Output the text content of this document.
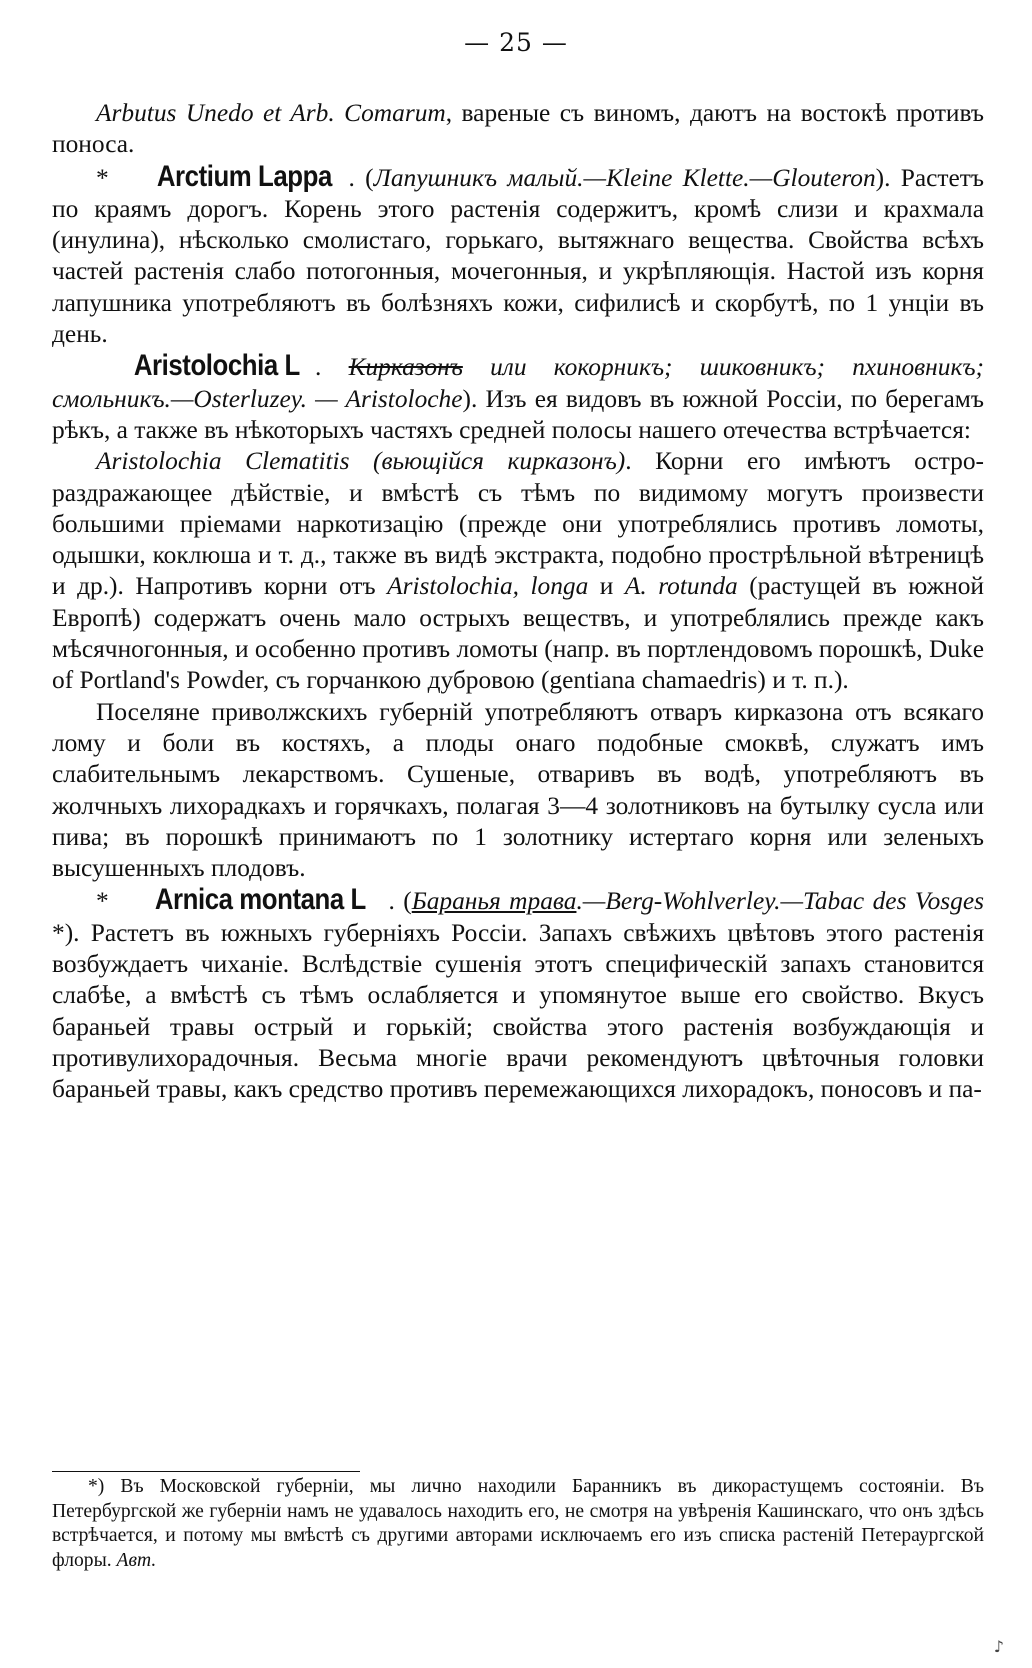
— 25 —

Arbutus Unedo et Arb. Comarum, вареные съ виномъ, даютъ на востокѣ противъ поноса.

* Arctium Lappa . (Лапушникъ малый.—Kleine Klette.—Glouteron). Растетъ по краямъ дорогъ. Корень этого растенія содержитъ, кромѣ слизи и крахмала (инулина), нѣсколько смолистаго, горькаго, вытяжнаго вещества. Свойства всѣхъ частей растенія слабо потогонныя, мочегонныя, и укрѣпляющія. Настой изъ корня лапушника употребляютъ въ болѣзняхъ кожи, сифилисѣ и скорбутѣ, по 1 унціи въ день.

Aristolochia L . Кирказонъ или кокорникъ; шиковникъ; пхиновникъ; смольникъ.—Osterluzey. — Aristoloche). Изъ ея видовъ въ южной Россіи, по берегамъ рѣкъ, а также въ нѣкоторыхъ частяхъ средней полосы нашего отечества встрѣчается:

Aristolochia Clematitis (вьющійся кирказонъ). Корни его имѣютъ остро-раздражающее дѣйствіе, и вмѣстѣ съ тѣмъ по видимому могутъ произвести большими пріемами наркотизацію (прежде они употреблялись противъ ломоты, одышки, коклюша и т. д., также въ видѣ экстракта, подобно прострѣльной вѣтреницѣ и др.). Напротивъ корни отъ Aristolochia, longa и A. rotunda (растущей въ южной Европѣ) содержатъ очень мало острыхъ веществъ, и употреблялись прежде какъ мѣсячногонныя, и особенно противъ ломоты (напр. въ портлендовомъ порошкѣ, Duke of Portland's Powder, съ горчанкою дубровою (gentiana chamaedris) и т. п.).

Поселяне приволжскихъ губерній употребляютъ отваръ кирказона отъ всякаго лому и боли въ костяхъ, а плоды онаго подобные смоквѣ, служатъ имъ слабительнымъ лекарствомъ. Сушеные, отваривъ въ водѣ, употребляютъ въ жолчныхъ лихорадкахъ и горячкахъ, полагая 3—4 золотниковъ на бутылку сусла или пива; въ порошкѣ принимаютъ по 1 золотнику истертаго корня или зеленыхъ высушенныхъ плодовъ.

* Arnica montana L . (Баранья трава.—Berg-Wohlverley.—Tabac des Vosges *). Растетъ въ южныхъ губерніяхъ Россіи. Запахъ свѣжихъ цвѣтовъ этого растенія возбуждаетъ чиханіе. Вслѣдствіе сушенія этотъ специфическій запахъ становится слабѣе, а вмѣстѣ съ тѣмъ ослабляется и упомянутое выше его свойство. Вкусъ бараньей травы острый и горькій; свойства этого растенія возбуждающія и противулихорадочныя. Весьма многіе врачи рекомендуютъ цвѣточныя головки бараньей травы, какъ средство противъ перемежающихся лихорадокъ, поносовъ и па-

*) Въ Московской губерніи, мы лично находили Баранникъ въ дикорастущемъ состояніи. Въ Петербургской же губерніи намъ не удавалось находить его, не смотря на увѣренія Кашинскаго, что онъ здѣсь встрѣчается, и потому мы вмѣстѣ съ другими авторами исключаемъ его изъ списка растеній Петераургской флоры. Авт.

♪
